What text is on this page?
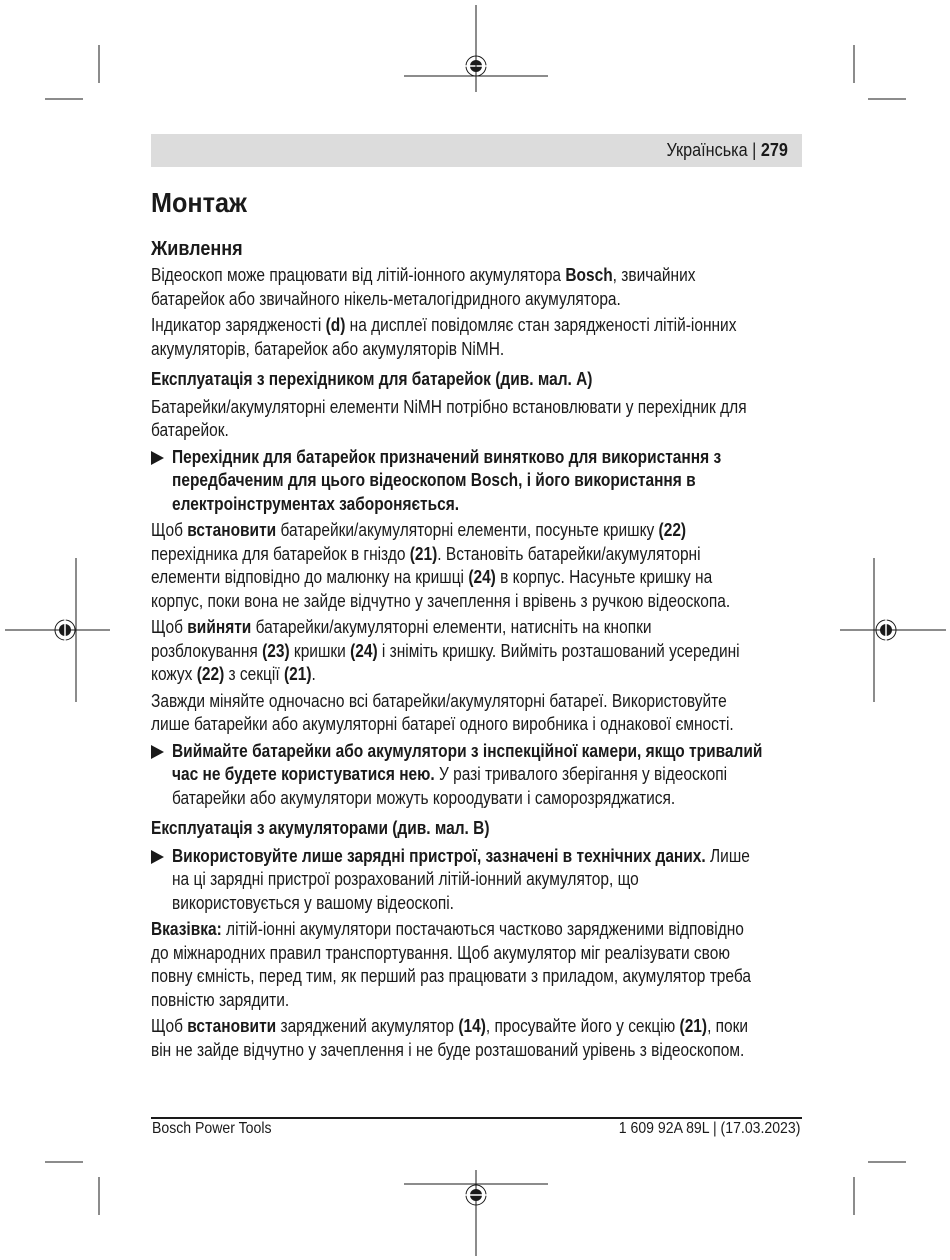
Українська | 279
Монтаж
Живлення
Відеоскоп може працювати від літій-іонного акумулятора Bosch, звичайних
батарейок або звичайного нікель-металогідридного акумулятора.
Індикатор зарядженості (d) на дисплеї повідомляє стан зарядженості літій-іонних
акумуляторів, батарейок або акумуляторів NiMH.
Експлуатація з перехідником для батарейок (див. мал. A)
Батарейки/акумуляторні елементи NiMH потрібно встановлювати у перехідник для
батарейок.
Перехідник для батарейок призначений винятково для використання з
передбаченим для цього відеоскопом Bosch, і його використання в
електроінструментах забороняється.
Щоб встановити батарейки/акумуляторні елементи, посуньте кришку (22)
перехідника для батарейок в гніздо (21). Встановіть батарейки/акумуляторні
елементи відповідно до малюнку на кришці (24) в корпус. Насуньте кришку на
корпус, поки вона не зайде відчутно у зачеплення і врівень з ручкою відеоскопа.
Щоб вийняти батарейки/акумуляторні елементи, натисніть на кнопки
розблокування (23) кришки (24) і зніміть кришку. Вийміть розташований усередині
кожух (22) з секції (21).
Завжди міняйте одночасно всі батарейки/акумуляторні батареї. Використовуйте
лише батарейки або акумуляторні батареї одного виробника і однакової ємності.
Виймайте батарейки або акумулятори з інспекційної камери, якщо тривалий
час не будете користуватися нею. У разі тривалого зберігання у відеоскопі
батарейки або акумулятори можуть короодувати і саморозряджатися.
Експлуатація з акумуляторами (див. мал. B)
Використовуйте лише зарядні пристрої, зазначені в технічних даних. Лише
на ці зарядні пристрої розрахований літій-іонний акумулятор, що
використовується у вашому відеоскопі.
Вказівка: літій-іонні акумулятори постачаються частково зарядженими відповідно
до міжнародних правил транспортування. Щоб акумулятор міг реалізувати свою
повну ємність, перед тим, як перший раз працювати з приладом, акумулятор треба
повністю зарядити.
Щоб встановити заряджений акумулятор (14), просувайте його у секцію (21), поки
він не зайде відчутно у зачеплення і не буде розташований урівень з відеоскопом.
Bosch Power Tools	1 609 92A 89L | (17.03.2023)
